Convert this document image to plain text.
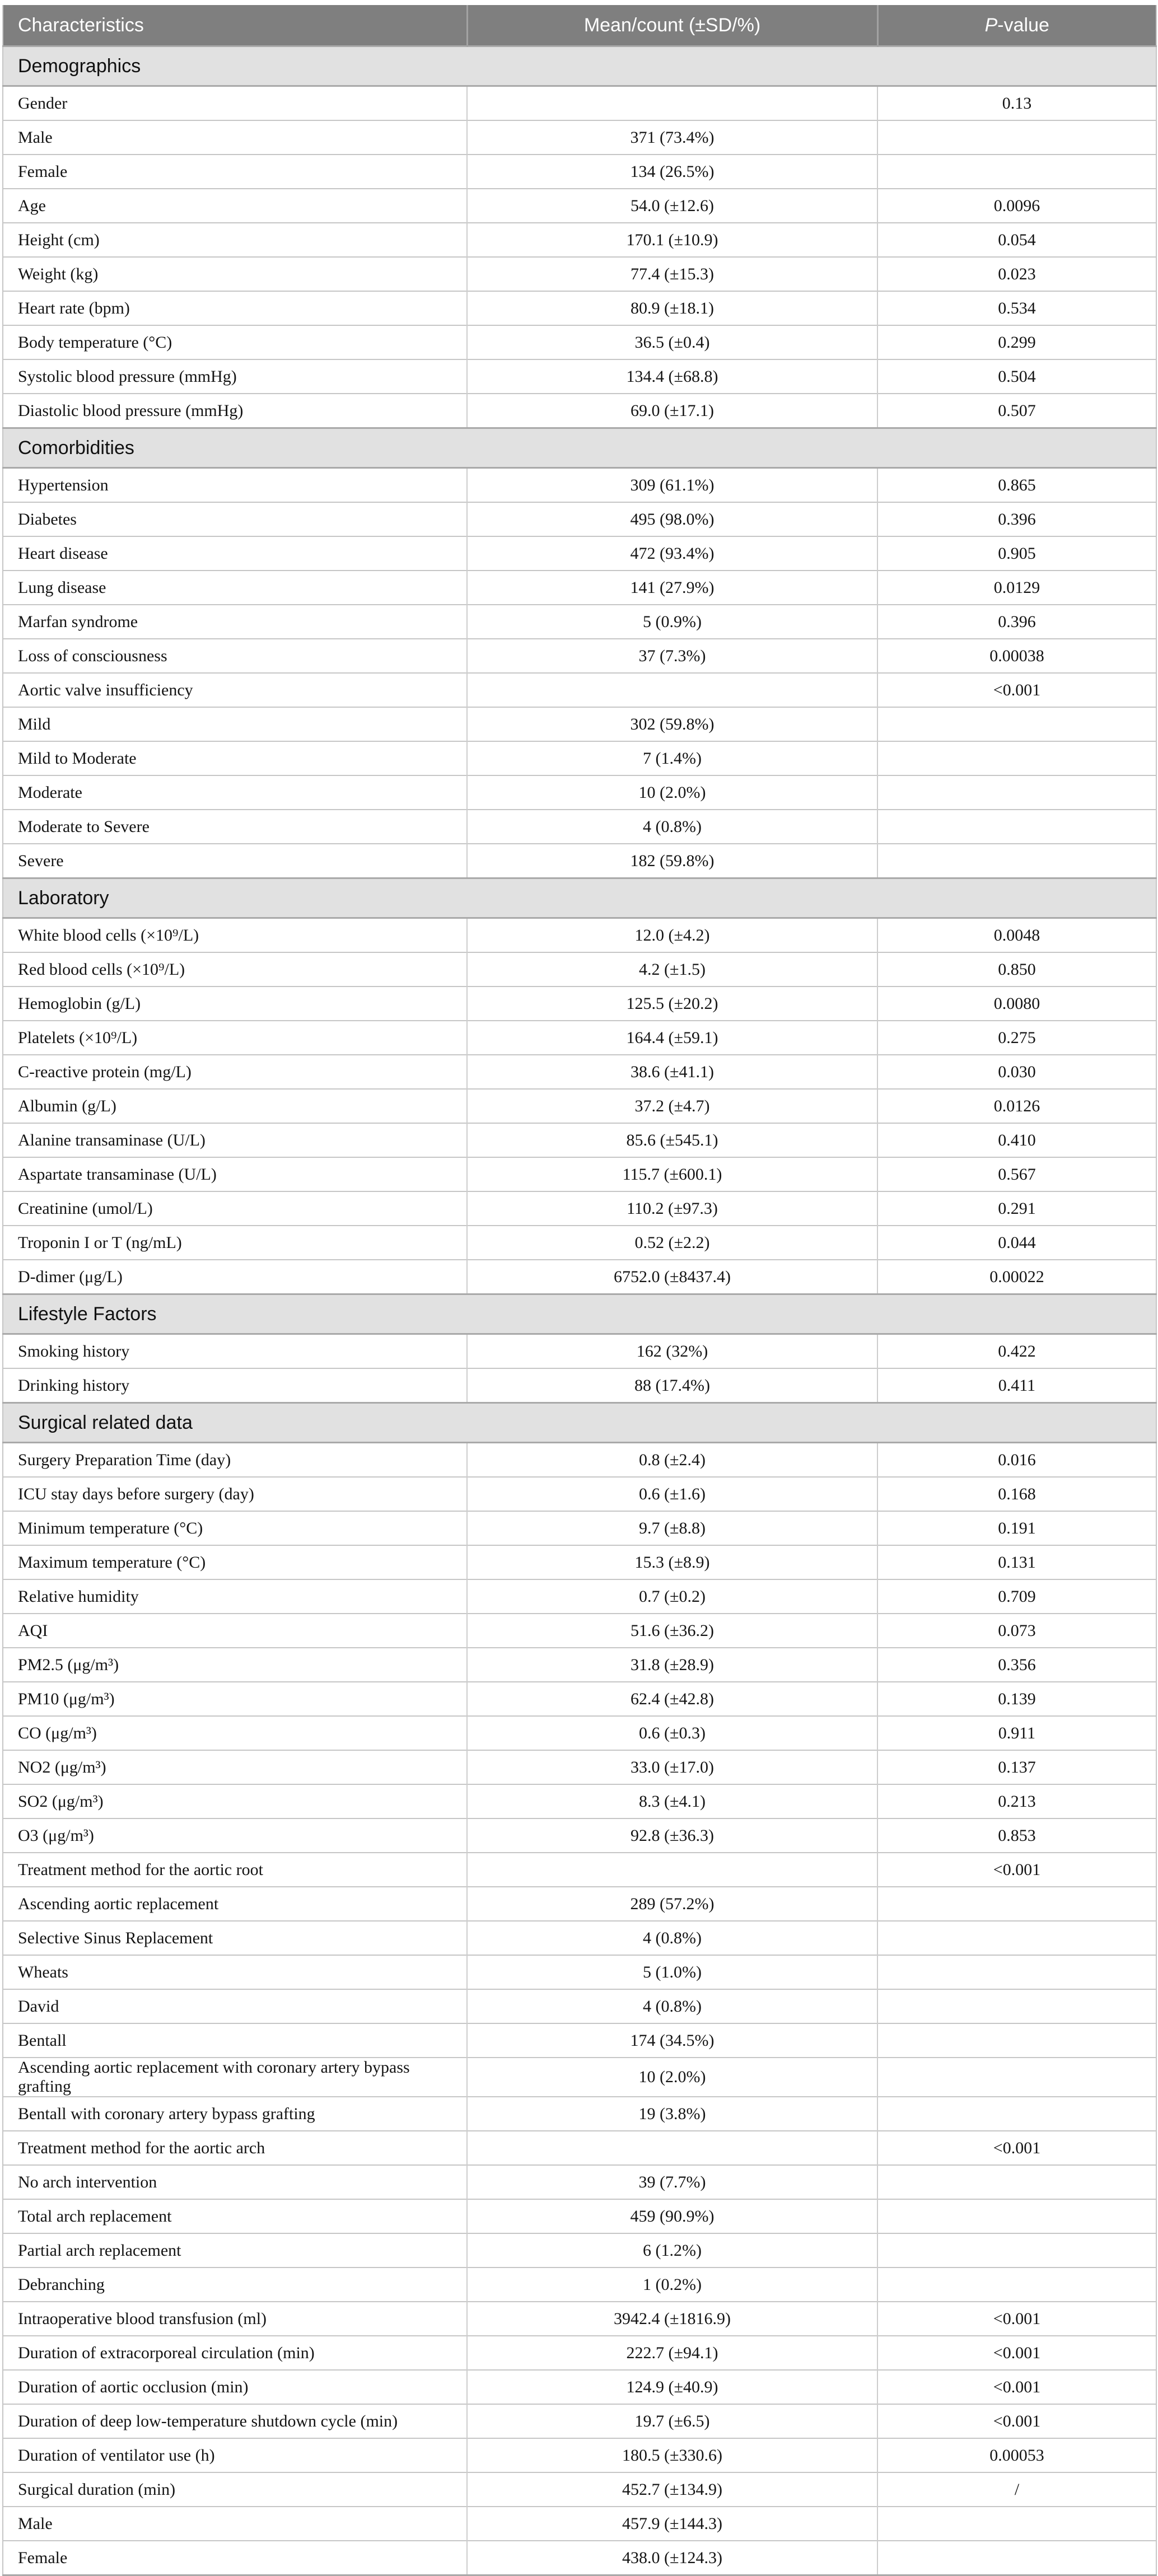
Characteristics	Mean/count (±SD/%)	P-value
Demographics		
Gender		0.13
Male	371 (73.4%)	
Female	134 (26.5%)	
Age	54.0 (±12.6)	0.0096
Height (cm)	170.1 (±10.9)	0.054
Weight (kg)	77.4 (±15.3)	0.023
Heart rate (bpm)	80.9 (±18.1)	0.534
Body temperature (°C)	36.5 (±0.4)	0.299
Systolic blood pressure (mmHg)	134.4 (±68.8)	0.504
Diastolic blood pressure (mmHg)	69.0 (±17.1)	0.507
Comorbidities		
Hypertension	309 (61.1%)	0.865
Diabetes	495 (98.0%)	0.396
Heart disease	472 (93.4%)	0.905
Lung disease	141 (27.9%)	0.0129
Marfan syndrome	5 (0.9%)	0.396
Loss of consciousness	37 (7.3%)	0.00038
Aortic valve insufficiency		<0.001
Mild	302 (59.8%)	
Mild to Moderate	7 (1.4%)	
Moderate	10 (2.0%)	
Moderate to Severe	4 (0.8%)	
Severe	182 (59.8%)	
Laboratory		
White blood cells (×10⁹/L)	12.0 (±4.2)	0.0048
Red blood cells (×10⁹/L)	4.2 (±1.5)	0.850
Hemoglobin (g/L)	125.5 (±20.2)	0.0080
Platelets (×10⁹/L)	164.4 (±59.1)	0.275
C-reactive protein (mg/L)	38.6 (±41.1)	0.030
Albumin (g/L)	37.2 (±4.7)	0.0126
Alanine transaminase (U/L)	85.6 (±545.1)	0.410
Aspartate transaminase (U/L)	115.7 (±600.1)	0.567
Creatinine (umol/L)	110.2 (±97.3)	0.291
Troponin I or T (ng/mL)	0.52 (±2.2)	0.044
D-dimer (μg/L)	6752.0 (±8437.4)	0.00022
Lifestyle Factors		
Smoking history	162 (32%)	0.422
Drinking history	88 (17.4%)	0.411
Surgical related data		
Surgery Preparation Time (day)	0.8 (±2.4)	0.016
ICU stay days before surgery (day)	0.6 (±1.6)	0.168
Minimum temperature (°C)	9.7 (±8.8)	0.191
Maximum temperature (°C)	15.3 (±8.9)	0.131
Relative humidity	0.7 (±0.2)	0.709
AQI	51.6 (±36.2)	0.073
PM2.5 (μg/m³)	31.8 (±28.9)	0.356
PM10 (μg/m³)	62.4 (±42.8)	0.139
CO (μg/m³)	0.6 (±0.3)	0.911
NO2 (μg/m³)	33.0 (±17.0)	0.137
SO2 (μg/m³)	8.3 (±4.1)	0.213
O3 (μg/m³)	92.8 (±36.3)	0.853
Treatment method for the aortic root		<0.001
Ascending aortic replacement	289 (57.2%)	
Selective Sinus Replacement	4 (0.8%)	
Wheats	5 (1.0%)	
David	4 (0.8%)	
Bentall	174 (34.5%)	
Ascending aortic replacement with coronary artery bypass grafting	10 (2.0%)	
Bentall with coronary artery bypass grafting	19 (3.8%)	
Treatment method for the aortic arch		<0.001
No arch intervention	39 (7.7%)	
Total arch replacement	459 (90.9%)	
Partial arch replacement	6 (1.2%)	
Debranching	1 (0.2%)	
Intraoperative blood transfusion (ml)	3942.4 (±1816.9)	<0.001
Duration of extracorporeal circulation (min)	222.7 (±94.1)	<0.001
Duration of aortic occlusion (min)	124.9 (±40.9)	<0.001
Duration of deep low-temperature shutdown cycle (min)	19.7 (±6.5)	<0.001
Duration of ventilator use (h)	180.5 (±330.6)	0.00053
Surgical duration (min)	452.7 (±134.9)	/
Male	457.9 (±144.3)	
Female	438.0 (±124.3)	
